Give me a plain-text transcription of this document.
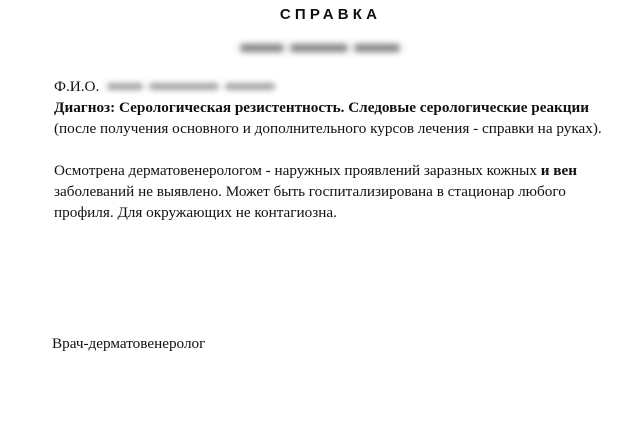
СПРАВКА
Ф.И.О.

Диагноз: Серологическая резистентность. Следовые серологические реакции (после получения основного и дополнительного курсов лечения - справки на руках).

Осмотрена дерматовенерологом - наружных проявлений заразных кожных и вен заболеваний не выявлено. Может быть госпитализирована в стационар любого профиля. Для окружающих не контагиозна.

Врач-дерматовенеролог
